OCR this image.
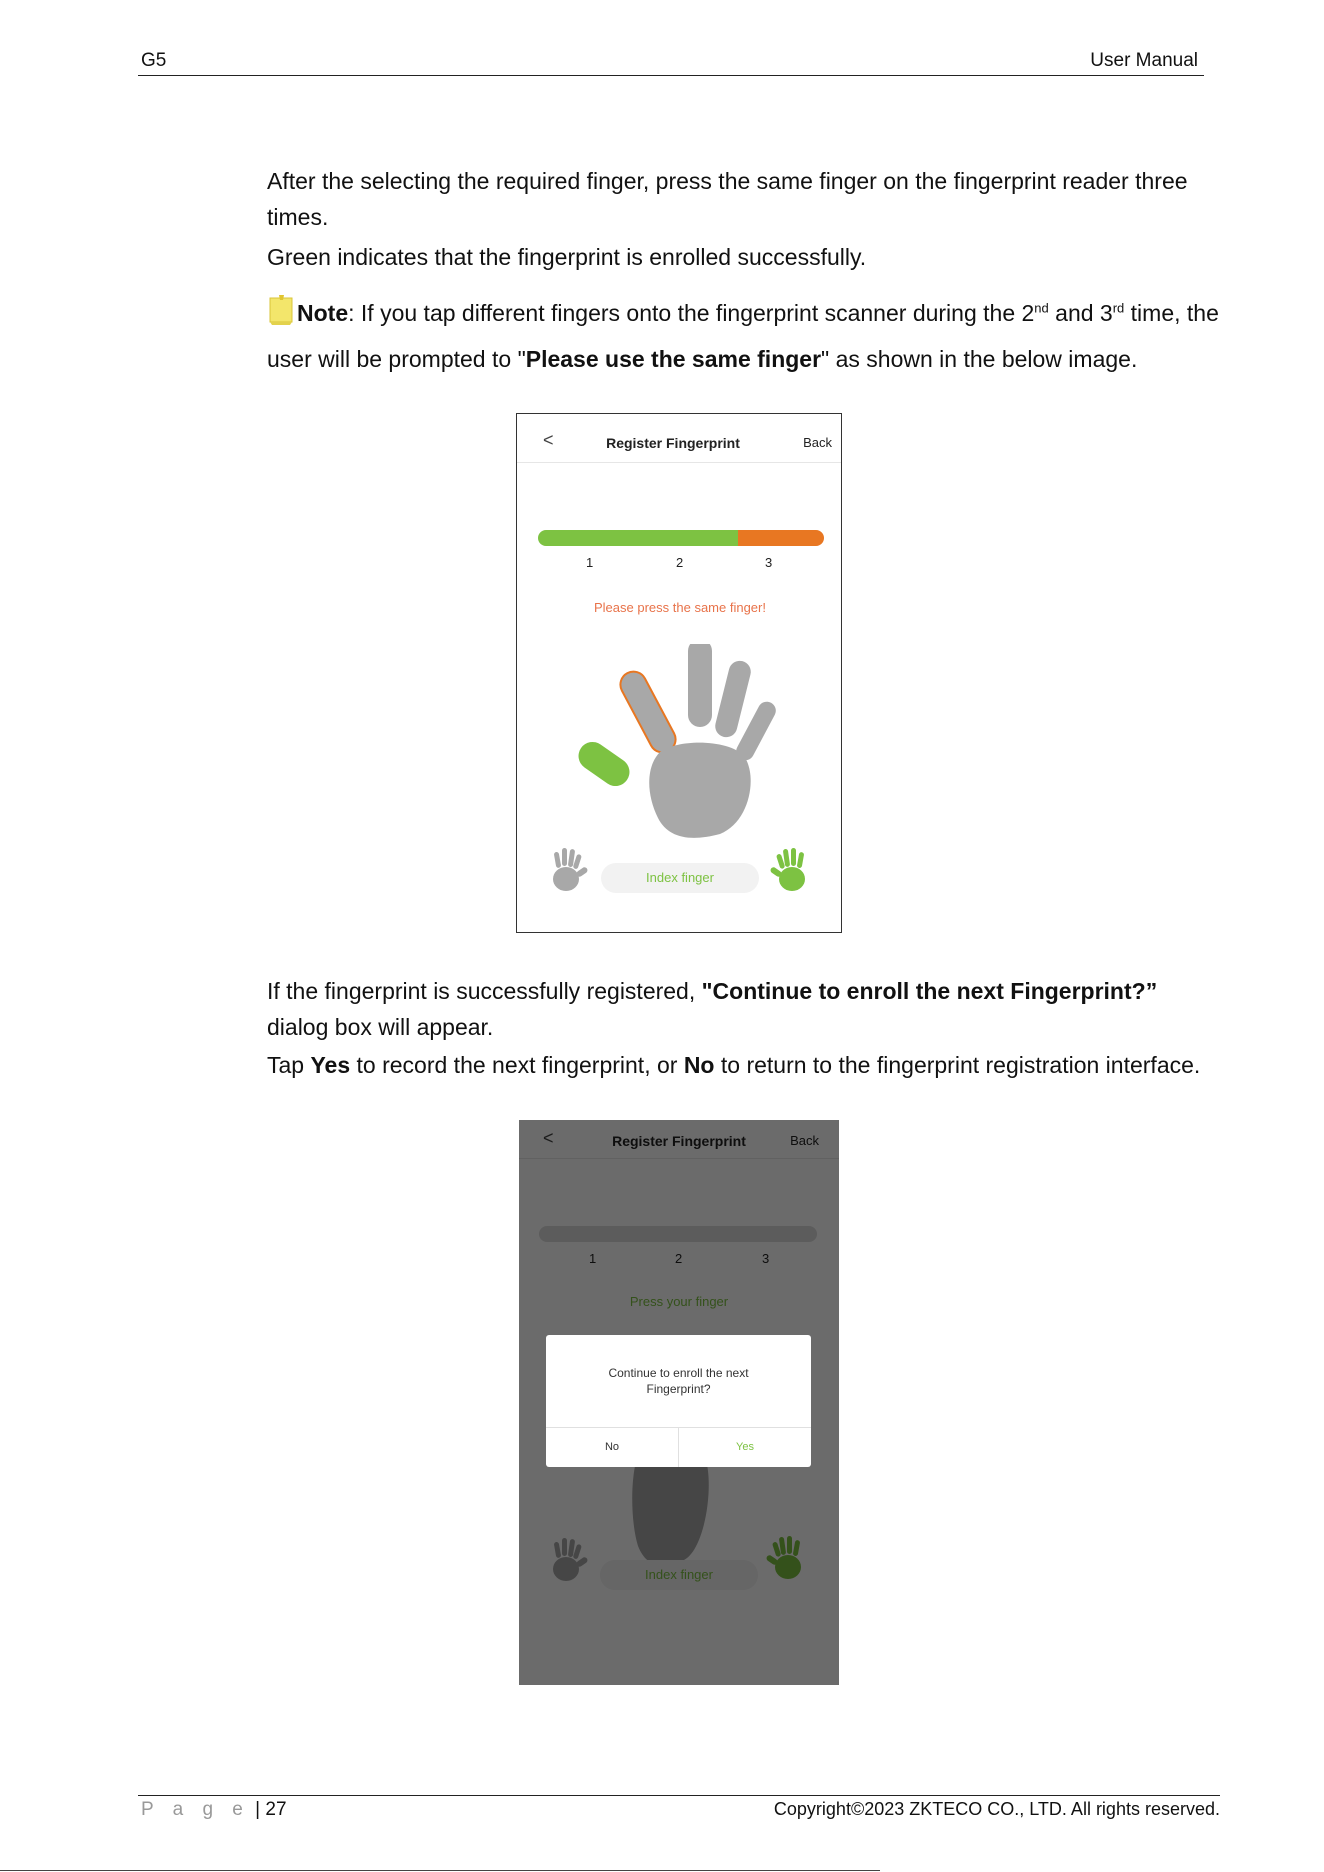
G5	User Manual
After the selecting the required finger, press the same finger on the fingerprint reader three times.
Green indicates that the fingerprint is enrolled successfully.
Note: If you tap different fingers onto the fingerprint scanner during the 2nd and 3rd time, the user will be prompted to "Please use the same finger" as shown in the below image.
<	Register Fingerprint	Back
1	2	3
Please press the same finger!
Index finger
If the fingerprint is successfully registered, "Continue to enroll the next Fingerprint?” dialog box will appear.
Tap Yes to record the next fingerprint, or No to return to the fingerprint registration interface.
Continue to enroll the next
Fingerprint?
No	Yes
P a g e | 27	Copyright©2023 ZKTECO CO., LTD. All rights reserved.
